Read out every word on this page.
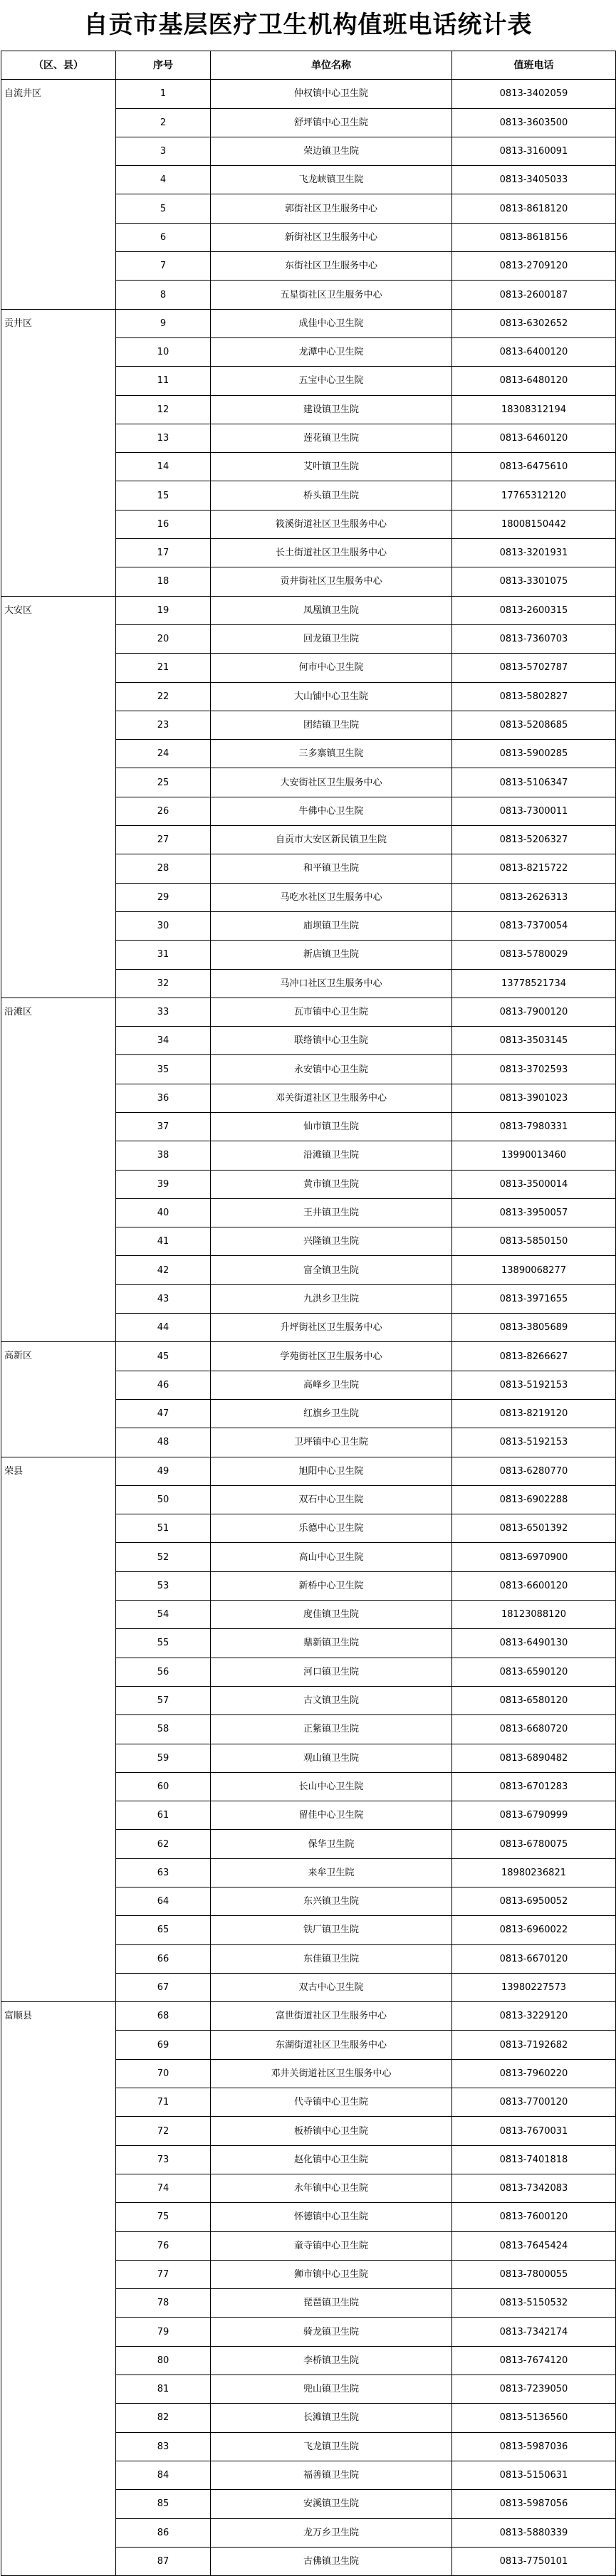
自贡市基层医疗卫生机构值班电话统计表
（区、县）	序号	单位名称	值班电话
自流井区	1	仲权镇中心卫生院	0813-3402059
	2	舒坪镇中心卫生院	0813-3603500
	3	荣边镇卫生院	0813-3160091
	4	飞龙峡镇卫生院	0813-3405033
	5	郭街社区卫生服务中心	0813-8618120
	6	新街社区卫生服务中心	0813-8618156
	7	东街社区卫生服务中心	0813-2709120
	8	五星街社区卫生服务中心	0813-2600187
贡井区	9	成佳中心卫生院	0813-6302652
	10	龙潭中心卫生院	0813-6400120
	11	五宝中心卫生院	0813-6480120
	12	建设镇卫生院	18308312194
	13	莲花镇卫生院	0813-6460120
	14	艾叶镇卫生院	0813-6475610
	15	桥头镇卫生院	17765312120
	16	筱溪街道社区卫生服务中心	18008150442
	17	长土街道社区卫生服务中心	0813-3201931
	18	贡井街社区卫生服务中心	0813-3301075
大安区	19	凤凰镇卫生院	0813-2600315
	20	回龙镇卫生院	0813-7360703
	21	何市中心卫生院	0813-5702787
	22	大山铺中心卫生院	0813-5802827
	23	团结镇卫生院	0813-5208685
	24	三多寨镇卫生院	0813-5900285
	25	大安街社区卫生服务中心	0813-5106347
	26	牛佛中心卫生院	0813-7300011
	27	自贡市大安区新民镇卫生院	0813-5206327
	28	和平镇卫生院	0813-8215722
	29	马吃水社区卫生服务中心	0813-2626313
	30	庙坝镇卫生院	0813-7370054
	31	新店镇卫生院	0813-5780029
	32	马冲口社区卫生服务中心	13778521734
沿滩区	33	瓦市镇中心卫生院	0813-7900120
	34	联络镇中心卫生院	0813-3503145
	35	永安镇中心卫生院	0813-3702593
	36	邓关街道社区卫生服务中心	0813-3901023
	37	仙市镇卫生院	0813-7980331
	38	沿滩镇卫生院	13990013460
	39	黄市镇卫生院	0813-3500014
	40	王井镇卫生院	0813-3950057
	41	兴隆镇卫生院	0813-5850150
	42	富全镇卫生院	13890068277
	43	九洪乡卫生院	0813-3971655
	44	升坪街社区卫生服务中心	0813-3805689
高新区	45	学苑街社区卫生服务中心	0813-8266627
	46	高峰乡卫生院	0813-5192153
	47	红旗乡卫生院	0813-8219120
	48	卫坪镇中心卫生院	0813-5192153
荣县	49	旭阳中心卫生院	0813-6280770
	50	双石中心卫生院	0813-6902288
	51	乐德中心卫生院	0813-6501392
	52	高山中心卫生院	0813-6970900
	53	新桥中心卫生院	0813-6600120
	54	度佳镇卫生院	18123088120
	55	鼎新镇卫生院	0813-6490130
	56	河口镇卫生院	0813-6590120
	57	古文镇卫生院	0813-6580120
	58	正紫镇卫生院	0813-6680720
	59	观山镇卫生院	0813-6890482
	60	长山中心卫生院	0813-6701283
	61	留佳中心卫生院	0813-6790999
	62	保华卫生院	0813-6780075
	63	来牟卫生院	18980236821
	64	东兴镇卫生院	0813-6950052
	65	铁厂镇卫生院	0813-6960022
	66	东佳镇卫生院	0813-6670120
	67	双古中心卫生院	13980227573
富顺县	68	富世街道社区卫生服务中心	0813-3229120
	69	东湖街道社区卫生服务中心	0813-7192682
	70	邓井关街道社区卫生服务中心	0813-7960220
	71	代寺镇中心卫生院	0813-7700120
	72	板桥镇中心卫生院	0813-7670031
	73	赵化镇中心卫生院	0813-7401818
	74	永年镇中心卫生院	0813-7342083
	75	怀德镇中心卫生院	0813-7600120
	76	童寺镇中心卫生院	0813-7645424
	77	狮市镇中心卫生院	0813-7800055
	78	琵琶镇卫生院	0813-5150532
	79	骑龙镇卫生院	0813-7342174
	80	李桥镇卫生院	0813-7674120
	81	兜山镇卫生院	0813-7239050
	82	长滩镇卫生院	0813-5136560
	83	飞龙镇卫生院	0813-5987036
	84	福善镇卫生院	0813-5150631
	85	安溪镇卫生院	0813-5987056
	86	龙万乡卫生院	0813-5880339
	87	古佛镇卫生院	0813-7750101
